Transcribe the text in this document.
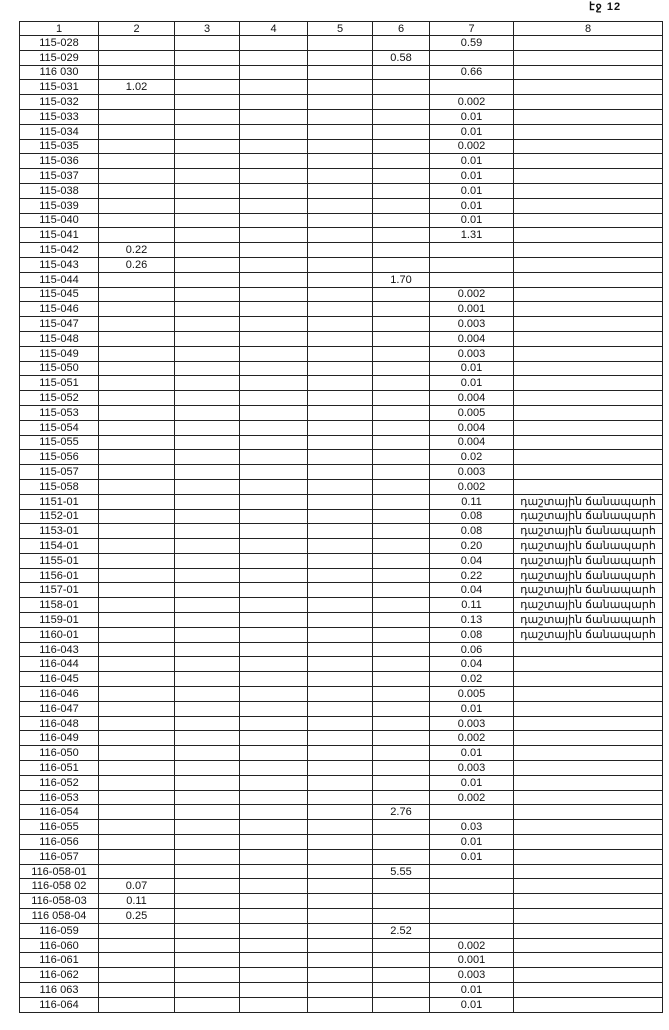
էջ 12
1	2	3	4	5	6	7	8
115-028						0.59	
115-029					0.58		
116 030						0.66	
115-031	1.02						
115-032						0.002	
115-033						0.01	
115-034						0.01	
115-035						0.002	
115-036						0.01	
115-037						0.01	
115-038						0.01	
115-039						0.01	
115-040						0.01	
115-041						1.31	
115-042	0.22						
115-043	0.26						
115-044					1.70		
115-045						0.002	
115-046						0.001	
115-047						0.003	
115-048						0.004	
115-049						0.003	
115-050						0.01	
115-051						0.01	
115-052						0.004	
115-053						0.005	
115-054						0.004	
115-055						0.004	
115-056						0.02	
115-057						0.003	
115-058						0.002	
1151-01						0.11	դաշտային ճանապարհ
1152-01						0.08	դաշտային ճանապարհ
1153-01						0.08	դաշտային ճանապարհ
1154-01						0.20	դաշտային ճանապարհ
1155-01						0.04	դաշտային ճանապարհ
1156-01						0.22	դաշտային ճանապարհ
1157-01						0.04	դաշտային ճանապարհ
1158-01						0.11	դաշտային ճանապարհ
1159-01						0.13	դաշտային ճանապարհ
1160-01						0.08	դաշտային ճանապարհ
116-043						0.06	
116-044						0.04	
116-045						0.02	
116-046						0.005	
116-047						0.01	
116-048						0.003	
116-049						0.002	
116-050						0.01	
116-051						0.003	
116-052						0.01	
116-053						0.002	
116-054					2.76		
116-055						0.03	
116-056						0.01	
116-057						0.01	
116-058-01					5.55		
116-058 02	0.07						
116-058-03	0.11						
116 058-04	0.25						
116-059					2.52		
116-060						0.002	
116-061						0.001	
116-062						0.003	
116 063						0.01	
116-064						0.01	
